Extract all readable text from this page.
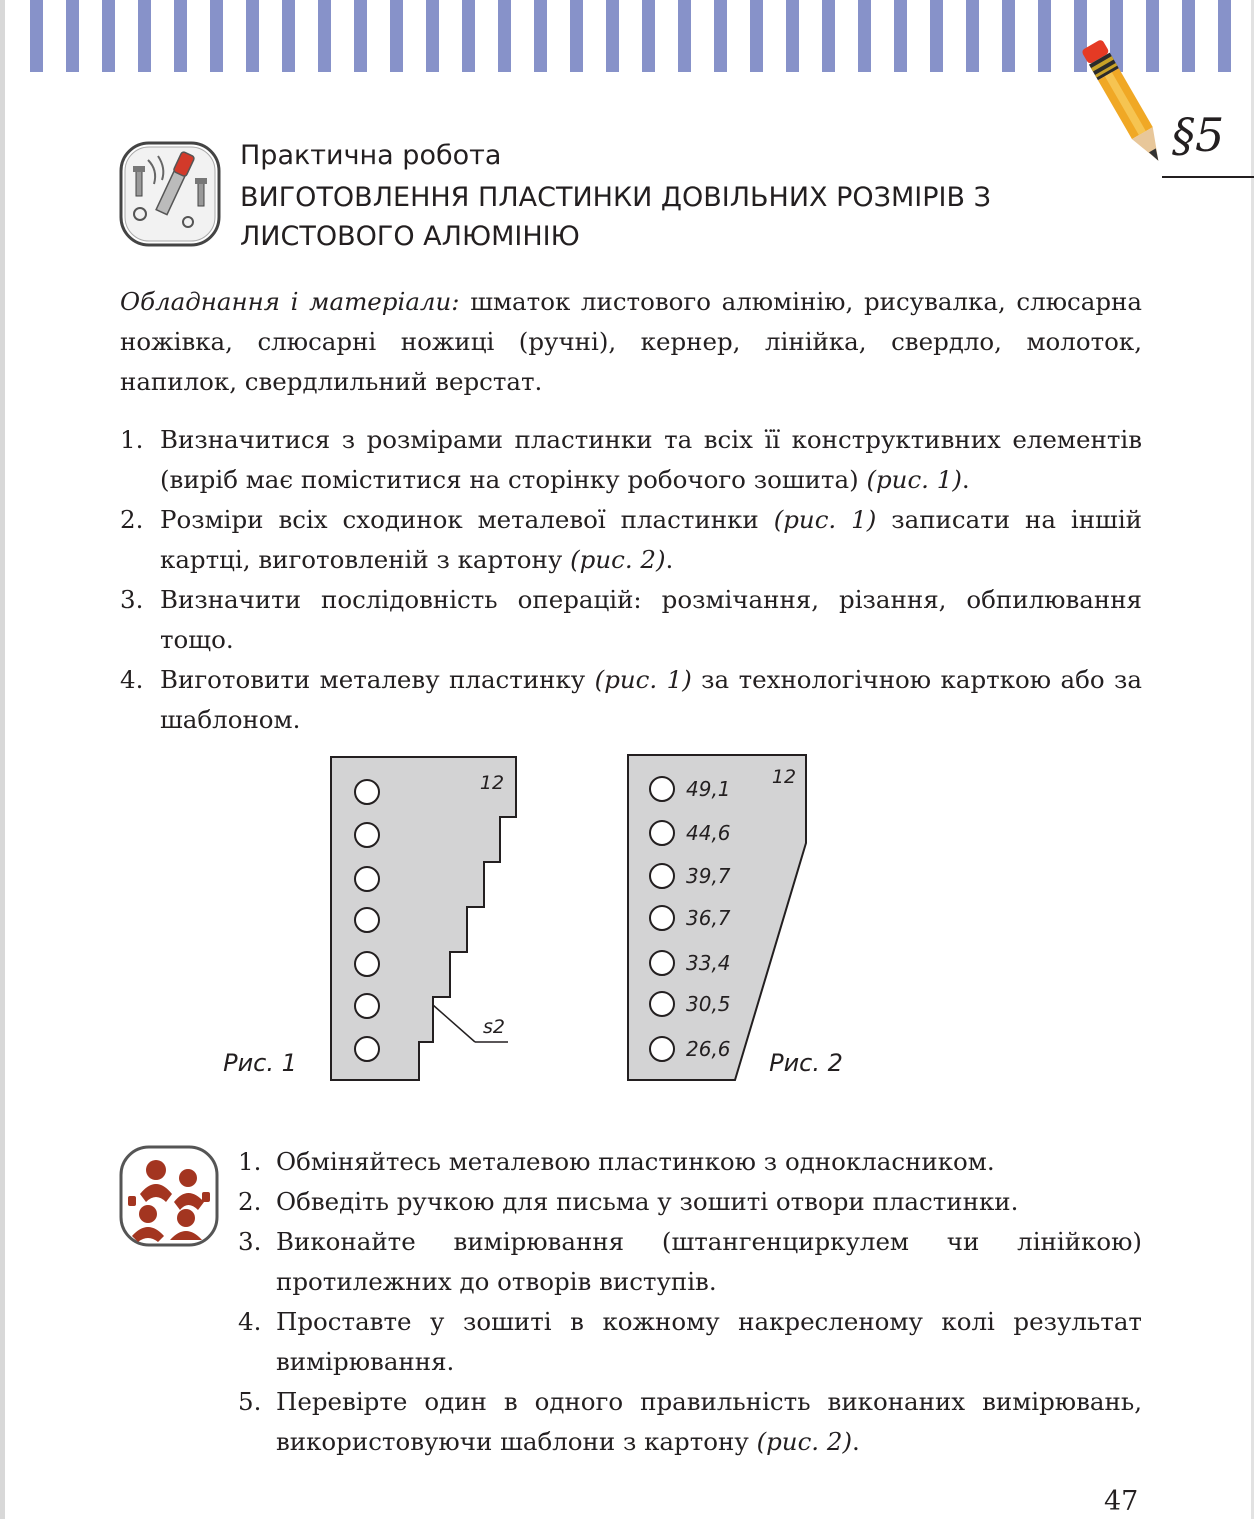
§5
Практична робота
ВИГОТОВЛЕННЯ ПЛАСТИНКИ ДОВІЛЬНИХ РОЗМІРІВ З ЛИСТОВОГО АЛЮМІНІЮ
Обладнання і матеріали: шматок листового алюмінію, рисувалка, слюсарна ножівка, слюсарні ножиці (ручні), кернер, лінійка, свердло, молоток, напилок, свердлильний верстат.
1. Визначитися з розмірами пластинки та всіх її конструктивних елементів (виріб має поміститися на сторінку робочого зошита) (рис. 1).
2. Розміри всіх сходинок металевої пластинки (рис. 1) записати на іншій картці, виготовленій з картону (рис. 2).
3. Визначити послідовність операцій: розмічання, різання, обпилювання тощо.
4. Виготовити металеву пластинку (рис. 1) за технологічною карткою або за шаблоном.
12
s2
Рис. 1
49,1
44,6
39,7
36,7
33,4
30,5
26,6
12
Рис. 2
1. Обміняйтесь металевою пластинкою з однокласником.
2. Обведіть ручкою для письма у зошиті отвори пластинки.
3. Виконайте вимірювання (штангенциркулем чи лінійкою) протилежних до отворів виступів.
4. Проставте у зошиті в кожному накресленому колі результат вимірювання.
5. Перевірте один в одного правильність виконаних вимірювань, використовуючи шаблони з картону (рис. 2).
47
